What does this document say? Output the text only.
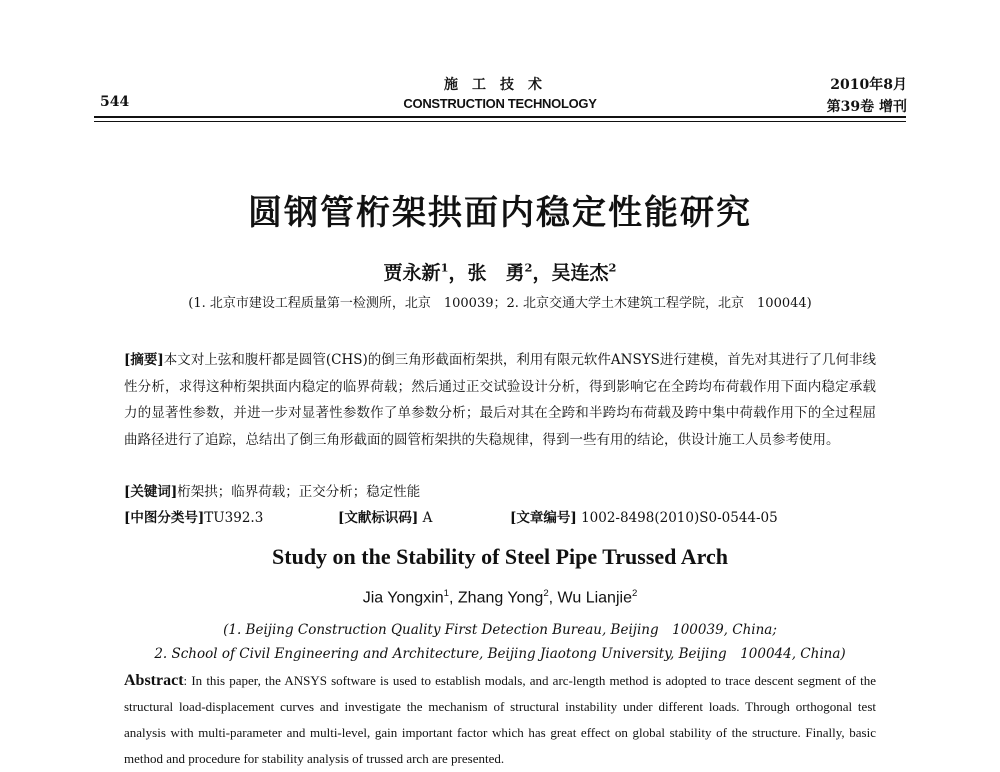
施工技术
CONSTRUCTION TECHNOLOGY
544
2010年8月
第39卷 增刊
圆钢管桁架拱面内稳定性能研究
贾永新$^1$，张　勇$^2$，吴连杰$^2$
(1. 北京市建设工程质量第一检测所，北京　100039；2. 北京交通大学土木建筑工程学院，北京　100044)
[摘要]本文对上弦和腹杆都是圆管(CHS)的倒三角形截面桁架拱，利用有限元软件ANSYS进行建模，首先对其进行了几何非线性分析，求得这种桁架拱面内稳定的临界荷载；然后通过正交试验设计分析，得到影响它在全跨均布荷载作用下面内稳定承载力的显著性参数，并进一步对显著性参数作了单参数分析；最后对其在全跨和半跨均布荷载及跨中集中荷载作用下的全过程屈曲路径进行了追踪，总结出了倒三角形截面的圆管桁架拱的失稳规律，得到一些有用的结论，供设计施工人员参考使用。
[关键词]桁架拱；临界荷载；正交分析；稳定性能
[中图分类号]TU392.3	[文献标识码] A	[文章编号] 1002-8498(2010)S0-0544-05
Study on the Stability of Steel Pipe Trussed Arch
Jia Yongxin$^1$, Zhang Yong$^2$, Wu Lianjie$^2$
(1. Beijing Construction Quality First Detection Bureau, Beijing　100039, China;
2. School of Civil Engineering and Architecture, Beijing Jiaotong University, Beijing　100044, China)
Abstract: In this paper, the ANSYS software is used to establish modals, and arc-length method is adopted to trace descent segment of the structural load-displacement curves and investigate the mechanism of structural instability under different loads. Through orthogonal test analysis with multi-parameter and multi-level, gain important factor which has great effect on global stability of the structure. Finally, basic method and procedure for stability analysis of trussed arch are presented.
